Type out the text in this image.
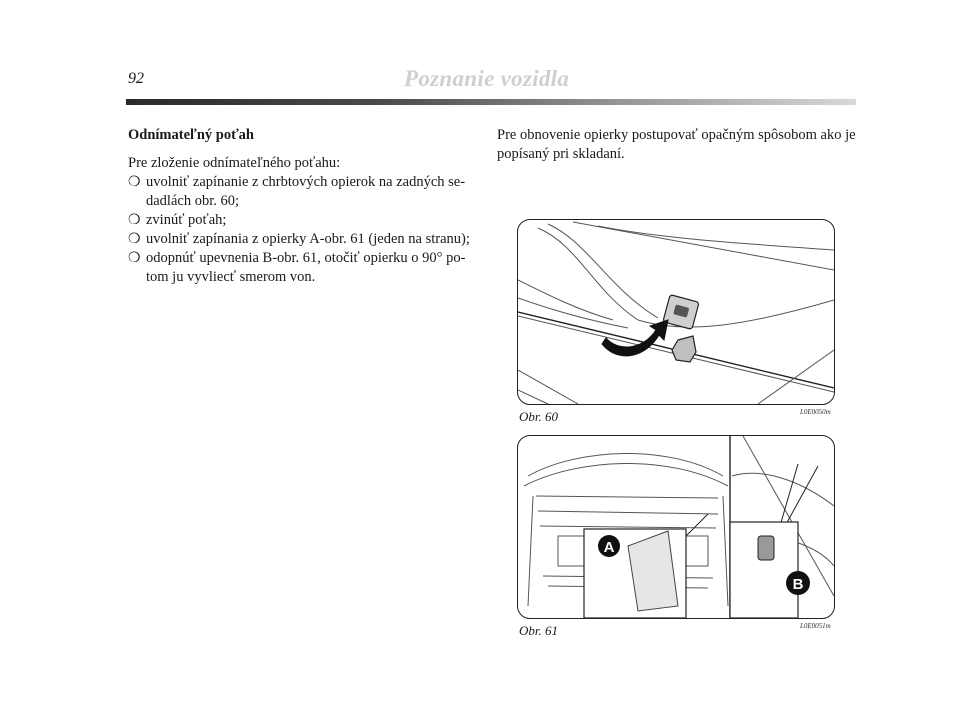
92	Poznanie vozidla

Odnímateľný poťah

Pre zloženie odnímateľného poťahu:

❍ uvolniť zapínanie z chrbtových opierok na zadných se-dadlách obr. 60;
❍ zvinúť poťah;
❍ uvolniť zapínania z opierky A-obr. 61 (jeden na stranu);
❍ odopnúť upevnenia B-obr. 61, otočiť opierku o 90° po-tom ju vyvliecť smerom von.

Pre obnovenie opierky postupovať opačným spôsobom ako je popísaný pri skladaní.

Obr. 60	L0E0050m
A
B
Obr. 61	L0E0051m
